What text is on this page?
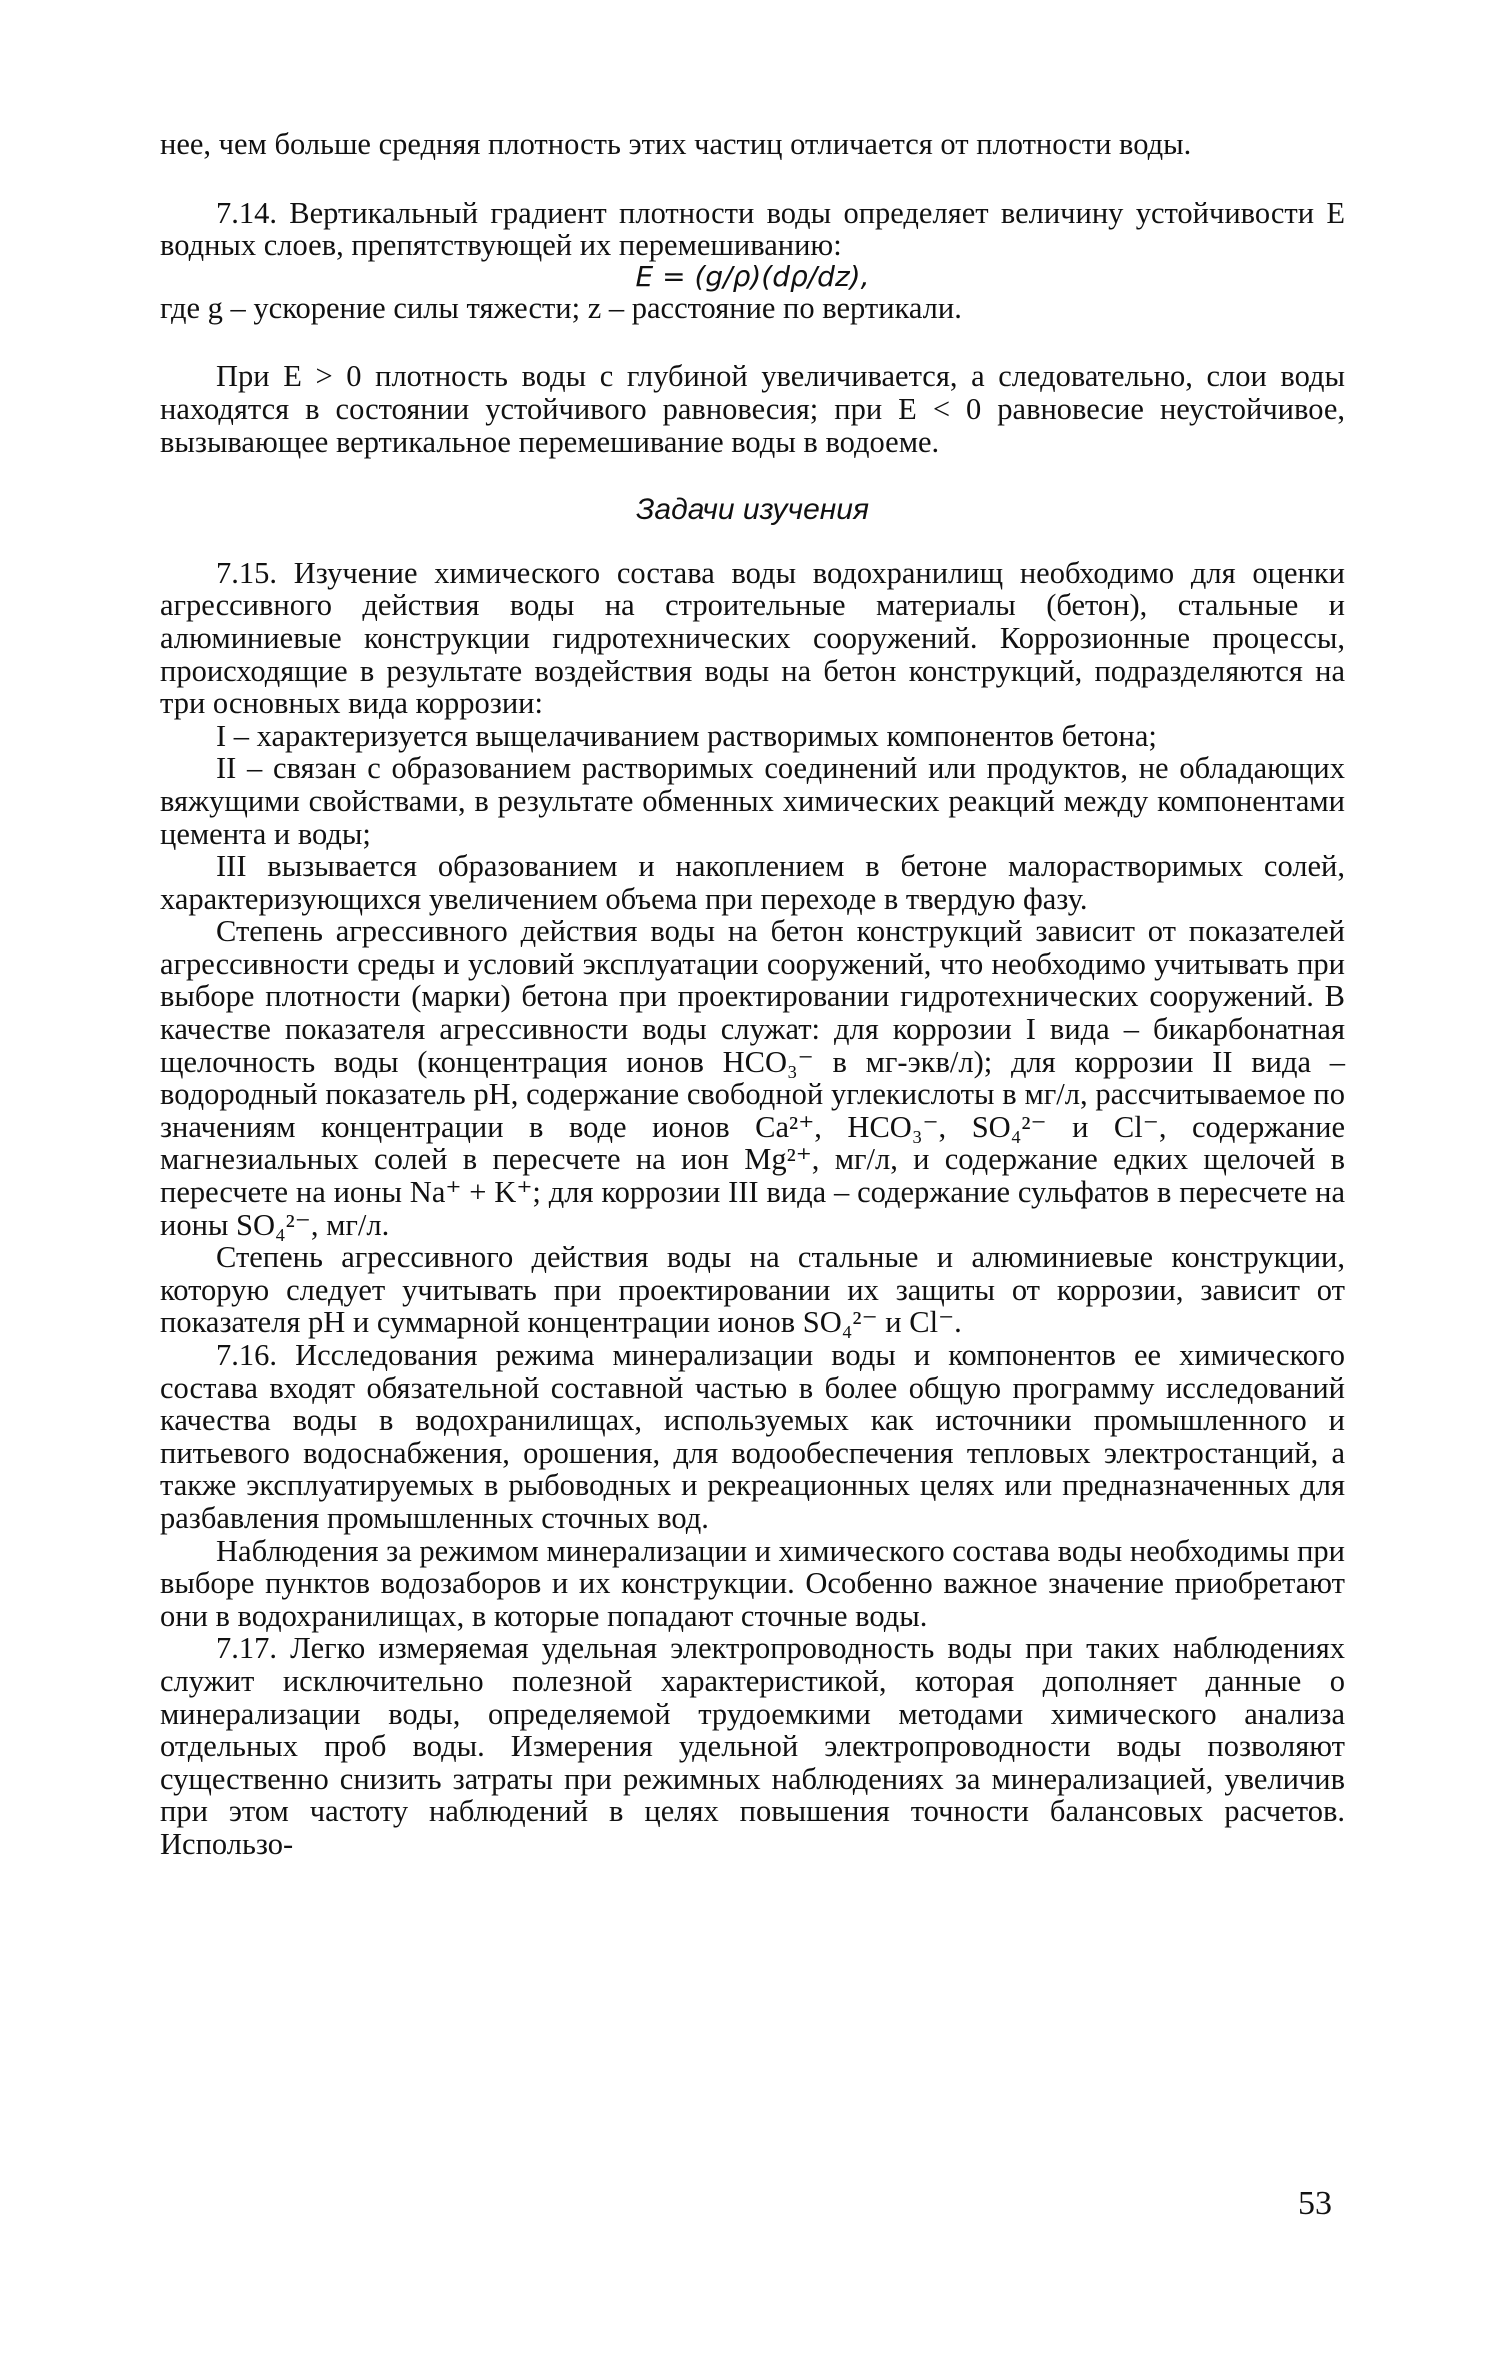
нее, чем больше средняя плотность этих частиц отличается от плотности воды.

7.14. Вертикальный градиент плотности воды определяет величину устойчивости E водных слоев, препятствующей их перемешиванию:

E = (g/ρ)(dρ/dz),

где g – ускорение силы тяжести; z – расстояние по вертикали.

При E > 0 плотность воды с глубиной увеличивается, а следовательно, слои воды находятся в состоянии устойчивого равновесия; при E < 0 равновесие неустойчивое, вызывающее вертикальное перемешивание воды в водоеме.

Задачи изучения

7.15. Изучение химического состава воды водохранилищ необходимо для оценки агрессивного действия воды на строительные материалы (бетон), стальные и алюминиевые конструкции гидротехнических сооружений. Коррозионные процессы, происходящие в результате воздействия воды на бетон конструкций, подразделяются на три основных вида коррозии:

I – характеризуется выщелачиванием растворимых компонентов бетона;

II – связан с образованием растворимых соединений или продуктов, не обладающих вяжущими свойствами, в результате обменных химических реакций между компонентами цемента и воды;

III вызывается образованием и накоплением в бетоне малорастворимых солей, характеризующихся увеличением объема при переходе в твердую фазу.

Степень агрессивного действия воды на бетон конструкций зависит от показателей агрессивности среды и условий эксплуатации сооружений, что необходимо учитывать при выборе плотности (марки) бетона при проектировании гидротехнических сооружений. В качестве показателя агрессивности воды служат: для коррозии I вида – бикарбонатная щелочность воды (концентрация ионов HCO₃⁻ в мг-экв/л); для коррозии II вида – водородный показатель pH, содержание свободной углекислоты в мг/л, рассчитываемое по значениям концентрации в воде ионов Ca²⁺, HCO₃⁻, SO₄²⁻ и Cl⁻, содержание магнезиальных солей в пересчете на ион Mg²⁺, мг/л, и содержание едких щелочей в пересчете на ионы Na⁺ + K⁺; для коррозии III вида – содержание сульфатов в пересчете на ионы SO₄²⁻, мг/л.

Степень агрессивного действия воды на стальные и алюминиевые конструкции, которую следует учитывать при проектировании их защиты от коррозии, зависит от показателя pH и суммарной концентрации ионов SO₄²⁻ и Cl⁻.

7.16. Исследования режима минерализации воды и компонентов ее химического состава входят обязательной составной частью в более общую программу исследований качества воды в водохранилищах, используемых как источники промышленного и питьевого водоснабжения, орошения, для водообеспечения тепловых электростанций, а также эксплуатируемых в рыбоводных и рекреационных целях или предназначенных для разбавления промышленных сточных вод.

Наблюдения за режимом минерализации и химического состава воды необходимы при выборе пунктов водозаборов и их конструкции. Особенно важное значение приобретают они в водохранилищах, в которые попадают сточные воды.

7.17. Легко измеряемая удельная электропроводность воды при таких наблюдениях служит исключительно полезной характеристикой, которая дополняет данные о минерализации воды, определяемой трудоемкими методами химического анализа отдельных проб воды. Измерения удельной электропроводности воды позволяют существенно снизить затраты при режимных наблюдениях за минерализацией, увеличив при этом частоту наблюдений в целях повышения точности балансовых расчетов. Использо-

53
